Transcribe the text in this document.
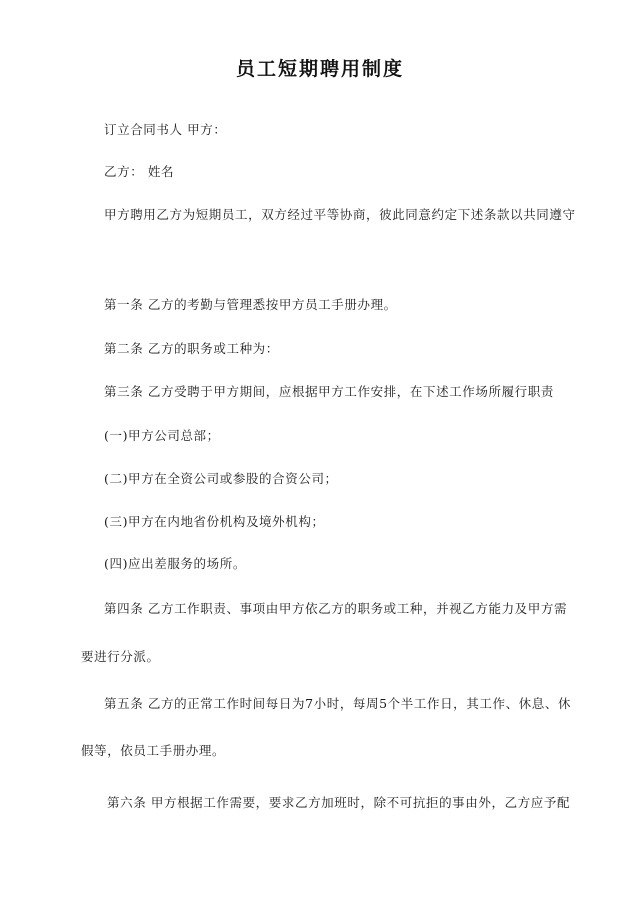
员工短期聘用制度
订立合同书人 甲方：
乙方： 姓名
甲方聘用乙方为短期员工，双方经过平等协商，彼此同意约定下述条款以共同遵守
第一条 乙方的考勤与管理悉按甲方员工手册办理。
第二条 乙方的职务或工种为：
第三条 乙方受聘于甲方期间，应根据甲方工作安排，在下述工作场所履行职责
(一)甲方公司总部；
(二)甲方在全资公司或参股的合资公司；
(三)甲方在内地省份机构及境外机构；
(四)应出差服务的场所。
第四条 乙方工作职责、事项由甲方依乙方的职务或工种，并视乙方能力及甲方需
要进行分派。
第五条 乙方的正常工作时间每日为7小时，每周5个半工作日，其工作、休息、休
假等，依员工手册办理。
第六条 甲方根据工作需要，要求乙方加班时，除不可抗拒的事由外，乙方应予配
